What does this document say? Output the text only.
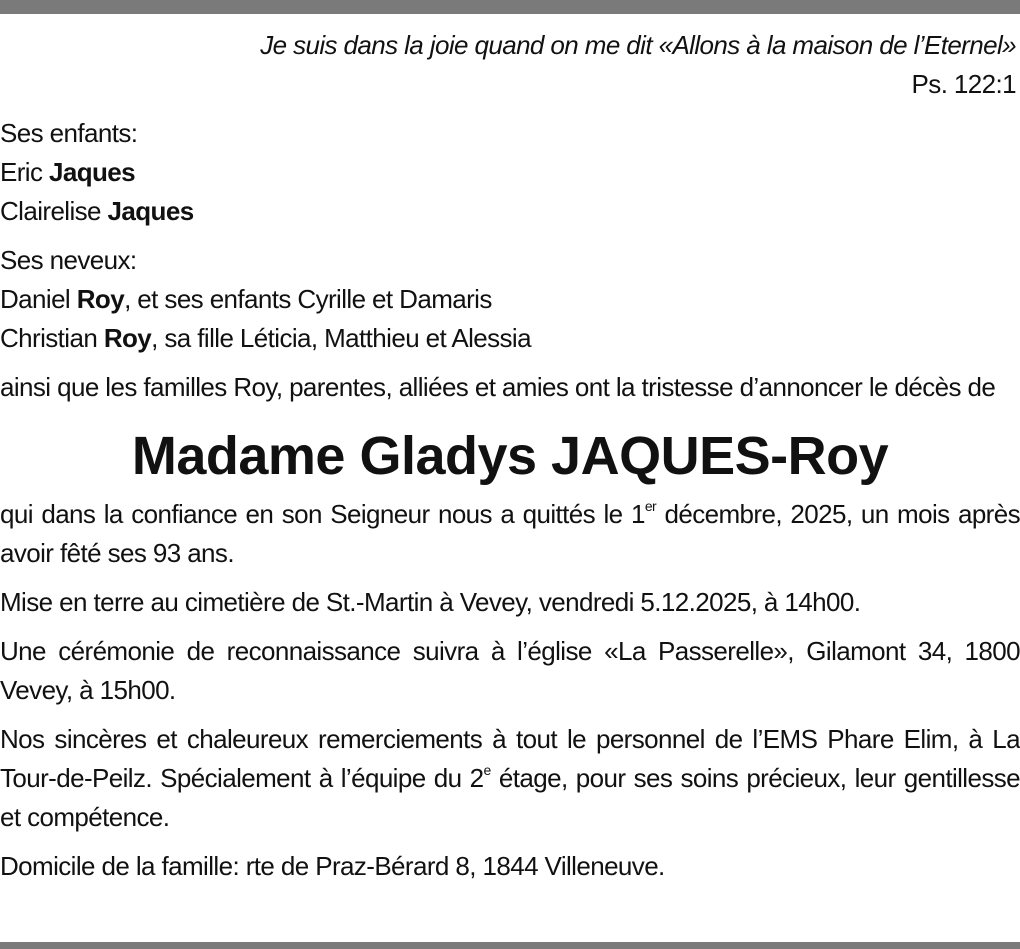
Je suis dans la joie quand on me dit «Allons à la maison de l’Eternel»
Ps. 122:1
Ses enfants:
Eric Jaques
Clairelise Jaques
Ses neveux:
Daniel Roy, et ses enfants Cyrille et Damaris
Christian Roy, sa fille Léticia, Matthieu et Alessia
ainsi que les familles Roy, parentes, alliées et amies ont la tristesse d’annoncer le décès de
Madame Gladys JAQUES-Roy
qui dans la confiance en son Seigneur nous a quittés le 1er décembre, 2025, un mois après avoir fêté ses 93 ans.
Mise en terre au cimetière de St.-Martin à Vevey, vendredi 5.12.2025, à 14h00.
Une cérémonie de reconnaissance suivra à l’église «La Passerelle», Gilamont 34, 1800 Vevey, à 15h00.
Nos sincères et chaleureux remerciements à tout le personnel de l’EMS Phare Elim, à La Tour-de-Peilz. Spécialement à l’équipe du 2e étage, pour ses soins précieux, leur gentillesse et compétence.
Domicile de la famille: rte de Praz-Bérard 8, 1844 Villeneuve.
